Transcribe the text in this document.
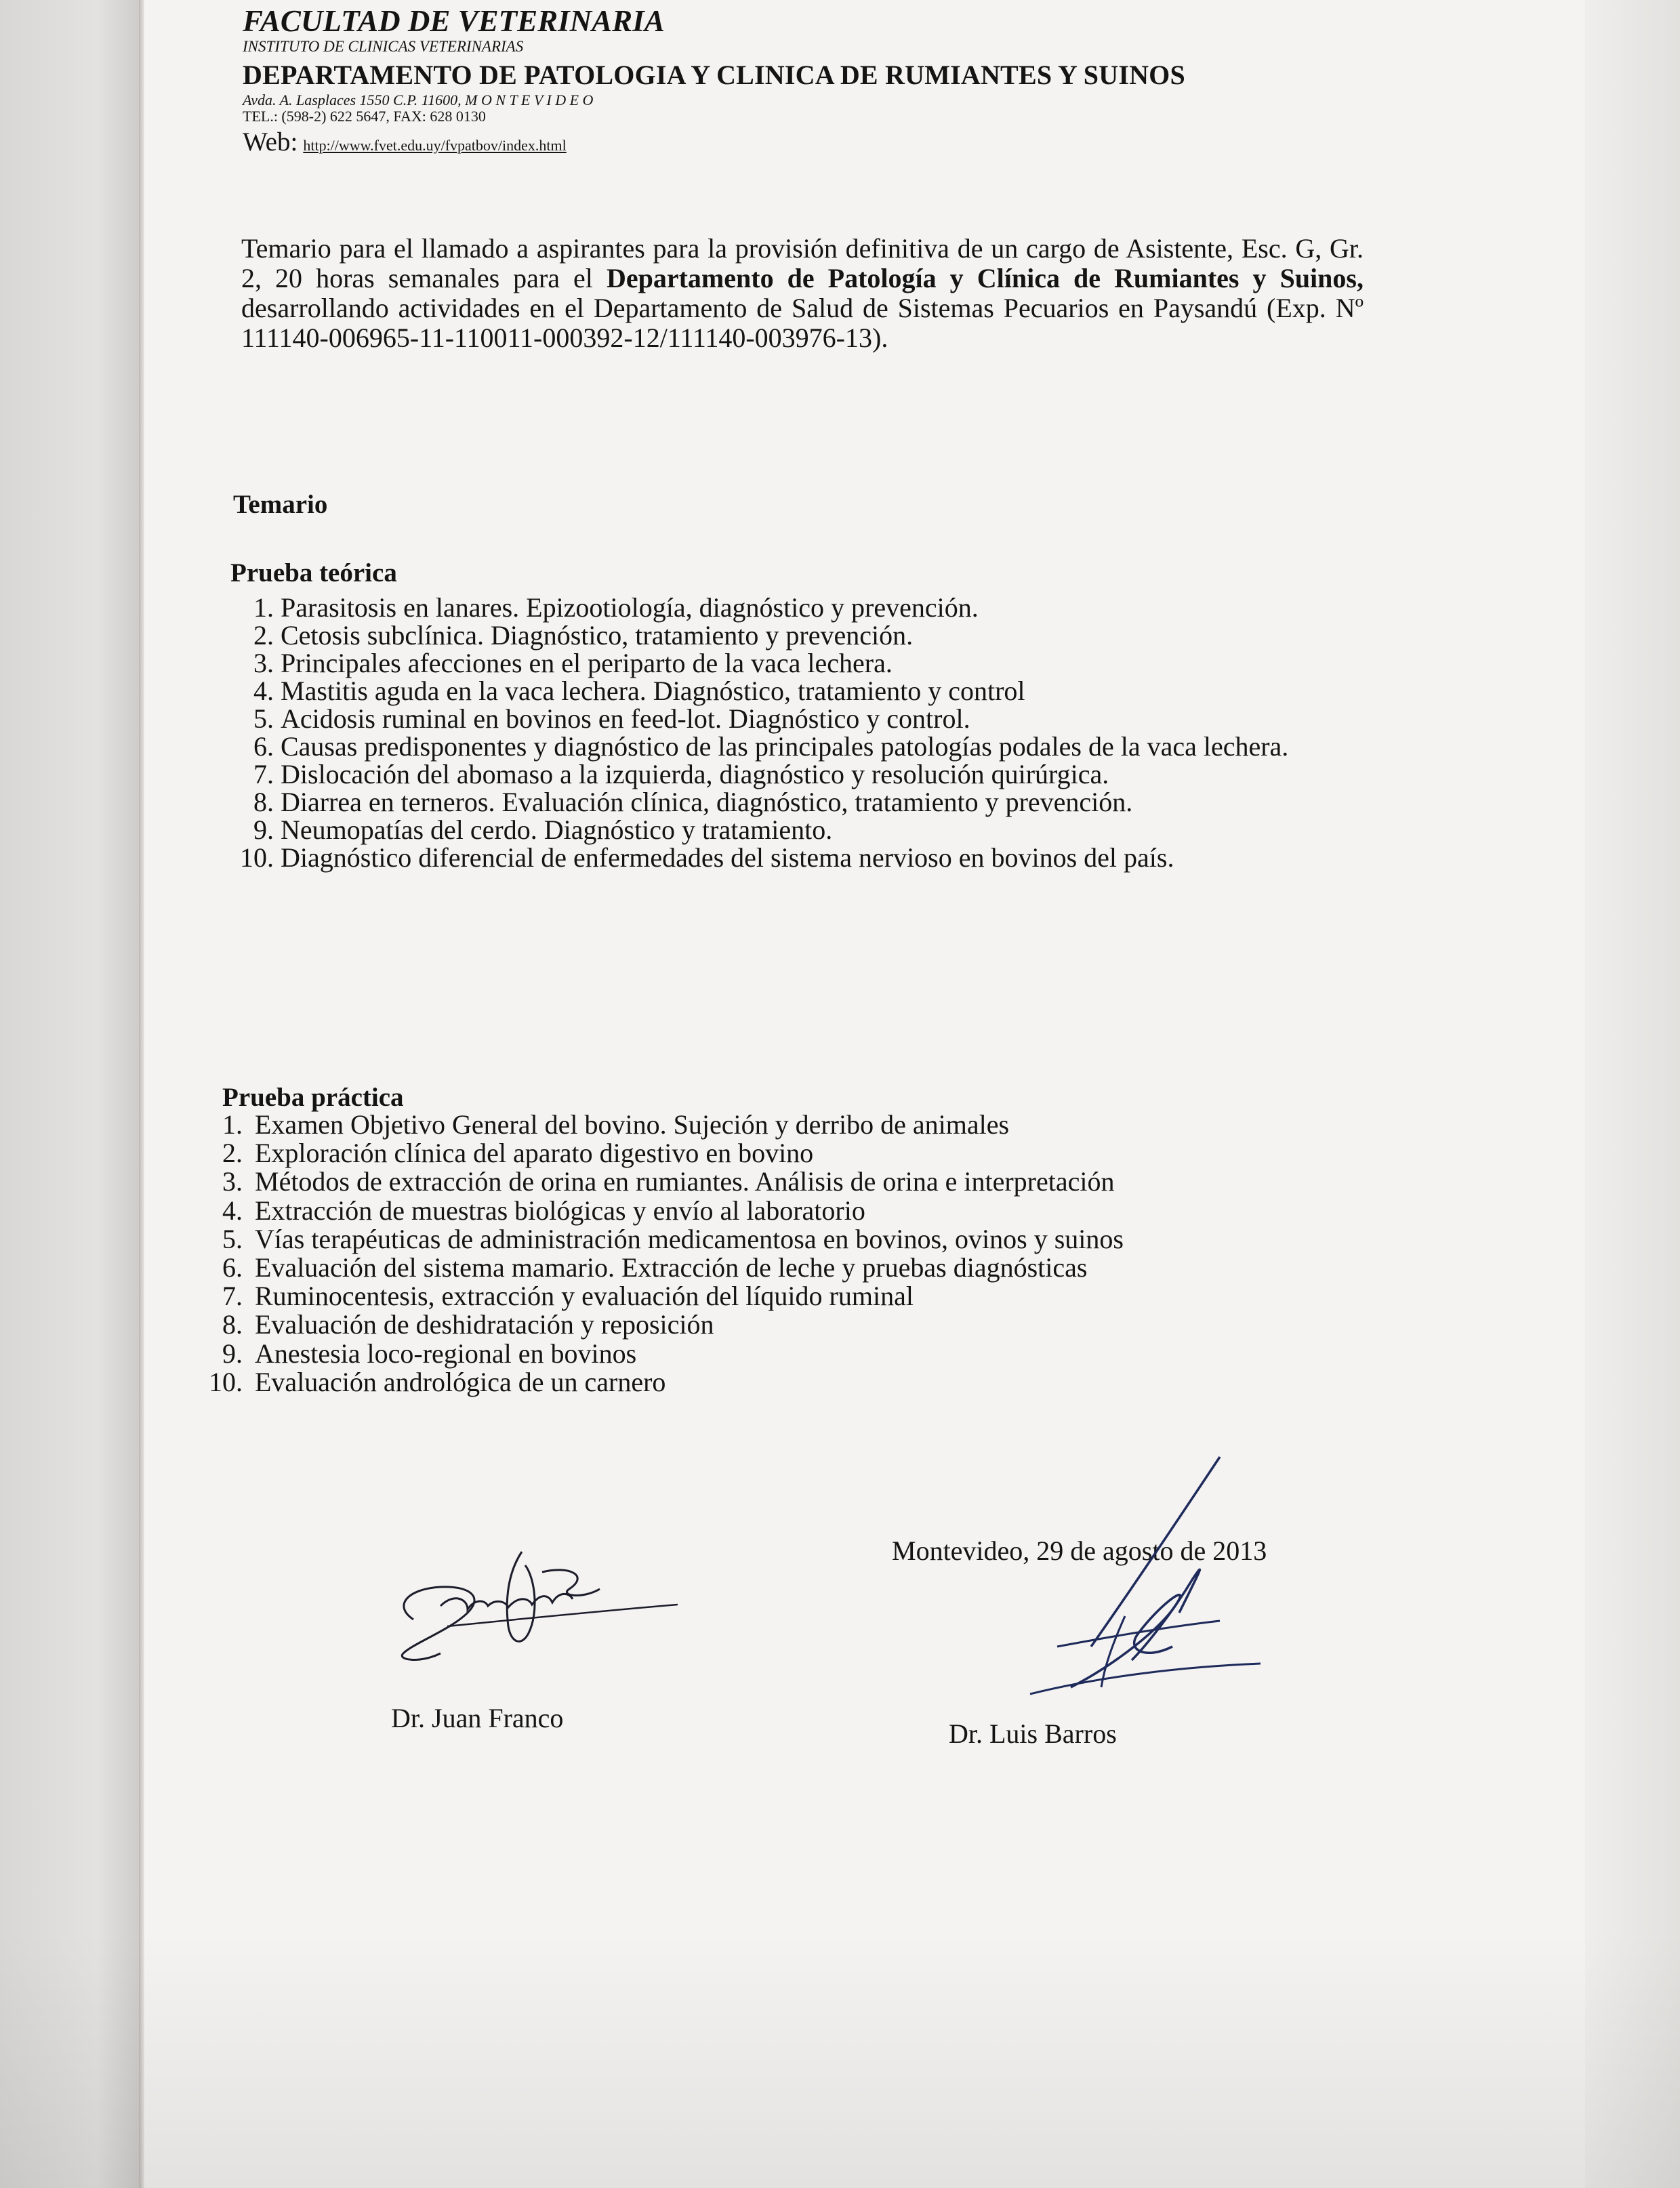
FACULTAD DE VETERINARIA
INSTITUTO DE CLINICAS VETERINARIAS
DEPARTAMENTO DE PATOLOGIA Y CLINICA DE RUMIANTES Y SUINOS
Avda. A. Lasplaces 1550 C.P. 11600, M O N T E V I D E O
TEL.: (598-2) 622 5647, FAX: 628 0130
Web: http://www.fvet.edu.uy/fvpatbov/index.html
Temario para el llamado a aspirantes para la provisión definitiva de un cargo de Asistente, Esc. G, Gr. 2, 20 horas semanales para el Departamento de Patología y Clínica de Rumiantes y Suinos, desarrollando actividades en el Departamento de Salud de Sistemas Pecuarios en Paysandú (Exp. Nº 111140-006965-11-110011-000392-12/111140-003976-13).
Temario
Prueba teórica
1. Parasitosis en lanares. Epizootiología, diagnóstico y prevención.
2. Cetosis subclínica. Diagnóstico, tratamiento y prevención.
3. Principales afecciones en el periparto de la vaca lechera.
4. Mastitis aguda en la vaca lechera. Diagnóstico, tratamiento y control
5. Acidosis ruminal en bovinos en feed-lot. Diagnóstico y control.
6. Causas predisponentes y diagnóstico de las principales patologías podales de la vaca lechera.
7. Dislocación del abomaso a la izquierda, diagnóstico y resolución quirúrgica.
8. Diarrea en terneros. Evaluación clínica, diagnóstico, tratamiento y prevención.
9. Neumopatías del cerdo. Diagnóstico y tratamiento.
10. Diagnóstico diferencial de enfermedades del sistema nervioso en bovinos del país.
Prueba práctica
1. Examen Objetivo General del bovino. Sujeción y derribo de animales
2. Exploración clínica del aparato digestivo en bovino
3. Métodos de extracción de orina en rumiantes. Análisis de orina e interpretación
4. Extracción de muestras biológicas y envío al laboratorio
5. Vías terapéuticas de administración medicamentosa en bovinos, ovinos y suinos
6. Evaluación del sistema mamario. Extracción de leche y pruebas diagnósticas
7. Ruminocentesis, extracción y evaluación del líquido ruminal
8. Evaluación de deshidratación y reposición
9. Anestesia loco-regional en bovinos
10. Evaluación andrológica de un carnero
Montevideo, 29 de agosto de 2013
Dr. Juan Franco
Dr. Luis Barros
